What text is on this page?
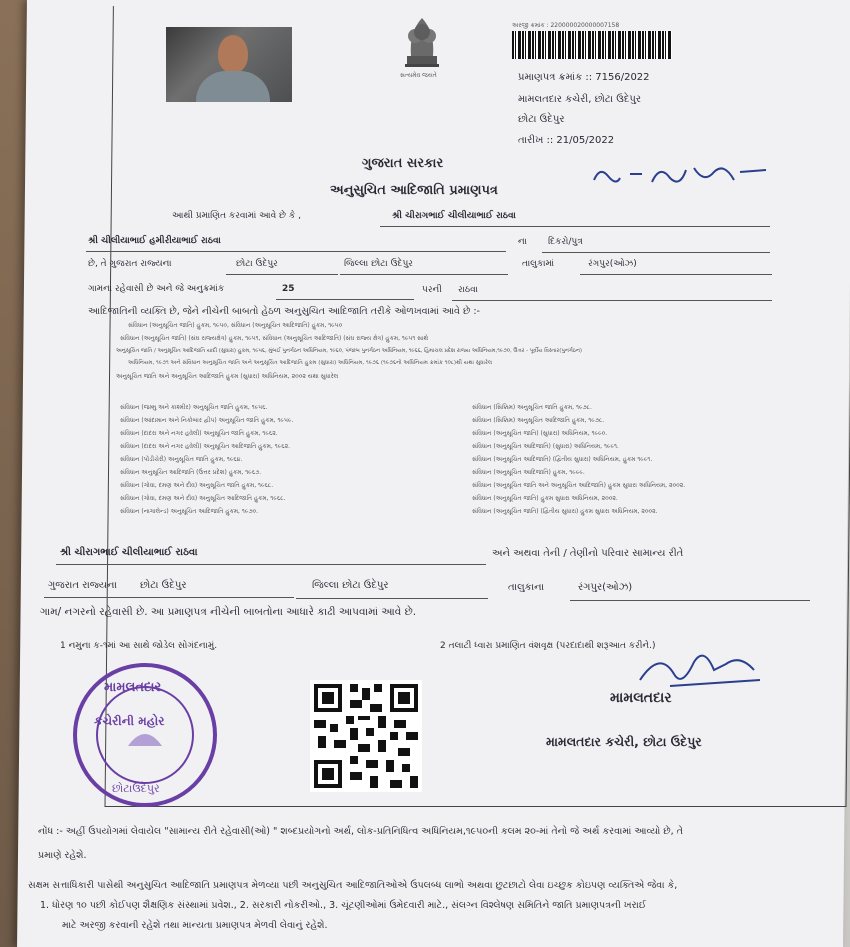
સત્યમેવ જયતે
અરજી ક્રમાંક : 2200000200000071​58
પ્રમાણપત્ર ક્રમાંક :: 7156/2022
મામલતદાર કચેરી, છોટા ઉદેપુર
છોટા ઉદેપુર
તારીખ :: 21/05/2022
ગુજરાત સરકાર
અનુસુચિત આદિજાતિ પ્રમાણપત્ર
આથી પ્રમાણિત કરવામાં આવે છે કે ,	શ્રી ચીરાગભાઈ ચીલીયાભાઈ રાઠવા
શ્રી ચીલીયાભાઈ હમીરીયાભાઈ રાઠવા	ના દિકરો/પુત્ર
છે, તે ગુજરાત રાજ્યના	છોટા ઉદેપુર	જિલ્લા છોટા ઉદેપુર	તાલુકામાં	રંગપુર(ઓઝ)
ગામના રહેવાસી છે અને જે અનુક્રમાંક	25	પરની રાઠવા
આદિજાતિની વ્યક્તિ છે, જેને નીચેની બાબતો હેઠળ અનુસુચિત આદિજાતિ તરીકે ઓળખવામાં આવે છે :-
સંવિધાન (અનુસૂચિત જાતિ) હુકમ, ૧૯૫૦, સંવિધાન (અનુસૂચિત આદિજાતિ) હુકમ, ૧૯૫૦
સંવિધાન (અનુસૂચિત જાતિ) (સંઘ રાજ્યક્ષેત્ર) હુકમ, ૧૯૫૧, સંવિધાન (અનુસૂચિત આદિજાતિ) (સંઘ રાજ્ય ક્ષેત્ર) હુકમ, ૧૯૫૧ સાથે
અનુસૂચિત જાતિ / અનુસૂચિત આદિજાતિ યાદી (સુધારા) હુકમ, ૧૯૫૬, મુંબઈ પુનર્ગઠન અધિનિયમ, ૧૯૬૦, પંજાબ પુનર્ગઠન અધિનિયમ, ૧૯૬૬, હિમાચલ પ્રદેશ રાજ્ય અધિનિયમ,૧૯૭૦, ઉત્તર - પૂર્વીય વિસ્તાર(પુનર્ગઠન)
અધિનિયમ, ૧૯૭૧ અને સંવિધાન અનુસૂચિત જાતિ અને અનુસૂચિત આદિજાતિ હુકમ (સુધારા) અધિનિયમ, ૧૯૭૬ (૧૯૭૬નો અધિનિયમ ક્રમાંક ૧૦૮)થી યથા સુધારેલ
અનુસૂચિત જાતિ અને અનુસૂચિત આદિજાતિ હુકમ (સુધારા) અધિનિયમ, ૨૦૦૨ યથા સુધારેલ
સંવિધાન (જમ્મુ અને કાશ્મીર) અનુસૂચિત જાતિ હુકમ, ૧૯૫૬.
સંવિધાન (આંદામાન અને નિકોબાર દ્વીપ) અનુસૂચિત જાતિ હુકમ, ૧૯૫૯.
સંવિધાન (દાદરા અને નગર હવેલી) અનુસૂચિત જાતિ હુકમ, ૧૯૬૨.
સંવિધાન (દાદરા અને નગર હવેલી) અનુસૂચિત આદિજાતિ હુકમ, ૧૯૬૨.
સંવિધાન (પોંડીચેરી) અનુસૂચિત જાતિ હુકમ, ૧૯૬૪.
સંવિધાન અનુસૂચિત આદિજાતિ (ઉત્તર પ્રદેશ) હુકમ, ૧૯૬૭.
સંવિધાન (ગોવા, દમણ અને દીવ) અનુસૂચિત જાતિ હુકમ, ૧૯૬૮.
સંવિધાન (ગોવા, દમણ અને દીવ) અનુસૂચિત આદિજાતિ હુકમ, ૧૯૬૮.
સંવિધાન (નાગાલેન્ડ) અનુસૂચિત આદિજાતિ હુકમ, ૧૯૭૦.
સંવિધાન (સિક્કિમ) અનુસૂચિત જાતિ હુકમ, ૧૯૭૮.
સંવિધાન (સિક્કિમ) અનુસૂચિત આદિજાતિ હુકમ, ૧૯૭૮.
સંવિધાન (અનુસૂચિત જાતિ) (સુધારા) અધિનિયમ, ૧૯૯૦.
સંવિધાન (અનુસૂચિત આદિજાતિ) (સુધારા) અધિનિયમ, ૧૯૯૧.
સંવિધાન (અનુસૂચિત આદિજાતિ) (દ્વિતીય સુધારા) અધિનિયમ, હુકમ ૧૯૯૧.
સંવિધાન (અનુસૂચિત આદિજાતિ) હુકમ, ૧૯૯૯.
સંવિધાન (અનુસૂચિત જાતિ અને અનુસૂચિત આદિજાતિ) હુકમ સુધારા અધિનિયમ, ૨૦૦૨.
સંવિધાન (અનુસૂચિત જાતિ) હુકમ સુધારા અધિનિયમ, ૨૦૦૨.
સંવિધાન (અનુસૂચિત જાતિ) (દ્વિતીય સુધારા) હુકમ સુધારા અધિનિયમ, ૨૦૦૨.
શ્રી ચીરાગભાઈ ચીલીયાભાઈ રાઠવા	અને અથવા તેની / તેણીનો પરિવાર સામાન્ય રીતે
ગુજરાત રાજ્યના છોટા ઉદેપુર	જિલ્લા છોટા ઉદેપુર	તાલુકાના	રંગપુર(ઓઝ)
ગામ/ નગરનો રહેવાસી છે. આ પ્રમાણપત્ર નીચેની બાબતોના આધારે કાઢી આપવામાં આવે છે.
1 નમુના ક-૧માં આ સાથે જોડેલ સોગંદનામું.	2 તલાટી ધ્વારા પ્રમાણિત વંશવૃક્ષ (પરદાદાથી શરૂઆત કરીને.)
મામલતદાર
કચેરીની મહોર
છોટાઉદેપુર
મામલતદાર
મામલતદાર કચેરી, છોટા ઉદેપુર
નોંધ :- અહીં ઉપયોગમાં લેવાયેલ "સામાન્ય રીતે રહેવાસી(ઓ) " શબ્દપ્રયોગનો અર્થ, લોક-પ્રતિનિધિત્વ અધિનિયમ,૧૯૫૦ની કલમ ૨૦-માં તેનો જે અર્થ કરવામાં આવ્યો છે, તે
પ્રમાણે રહેશે.
સક્ષમ સત્તાધિકારી પાસેથી અનુસુચિત આદિજાતિ પ્રમાણપત્ર મેળવ્યા પછી અનુસુચિત આદિજાતિઓએ ઉપલબ્ધ લાભો અથવા છુટછાટો લેવા ઇચ્છુક કોઇપણ વ્યક્તિએ જેવા કે,
1. ધોરણ ૧૦ પછી કોઈપણ શૈક્ષણિક સંસ્થામાં પ્રવેશ., 2. સરકારી નોકરીઓ., 3. ચૂંટણીઓમાં ઉમેદવારી માટે., સંલગ્ન વિશ્લેષણ સમિતિને જાતિ પ્રમાણપત્રની ખરાઈ
માટે અરજી કરવાની રહેશે તથા માન્યતા પ્રમાણપત્ર મેળવી લેવાનું રહેશે.
